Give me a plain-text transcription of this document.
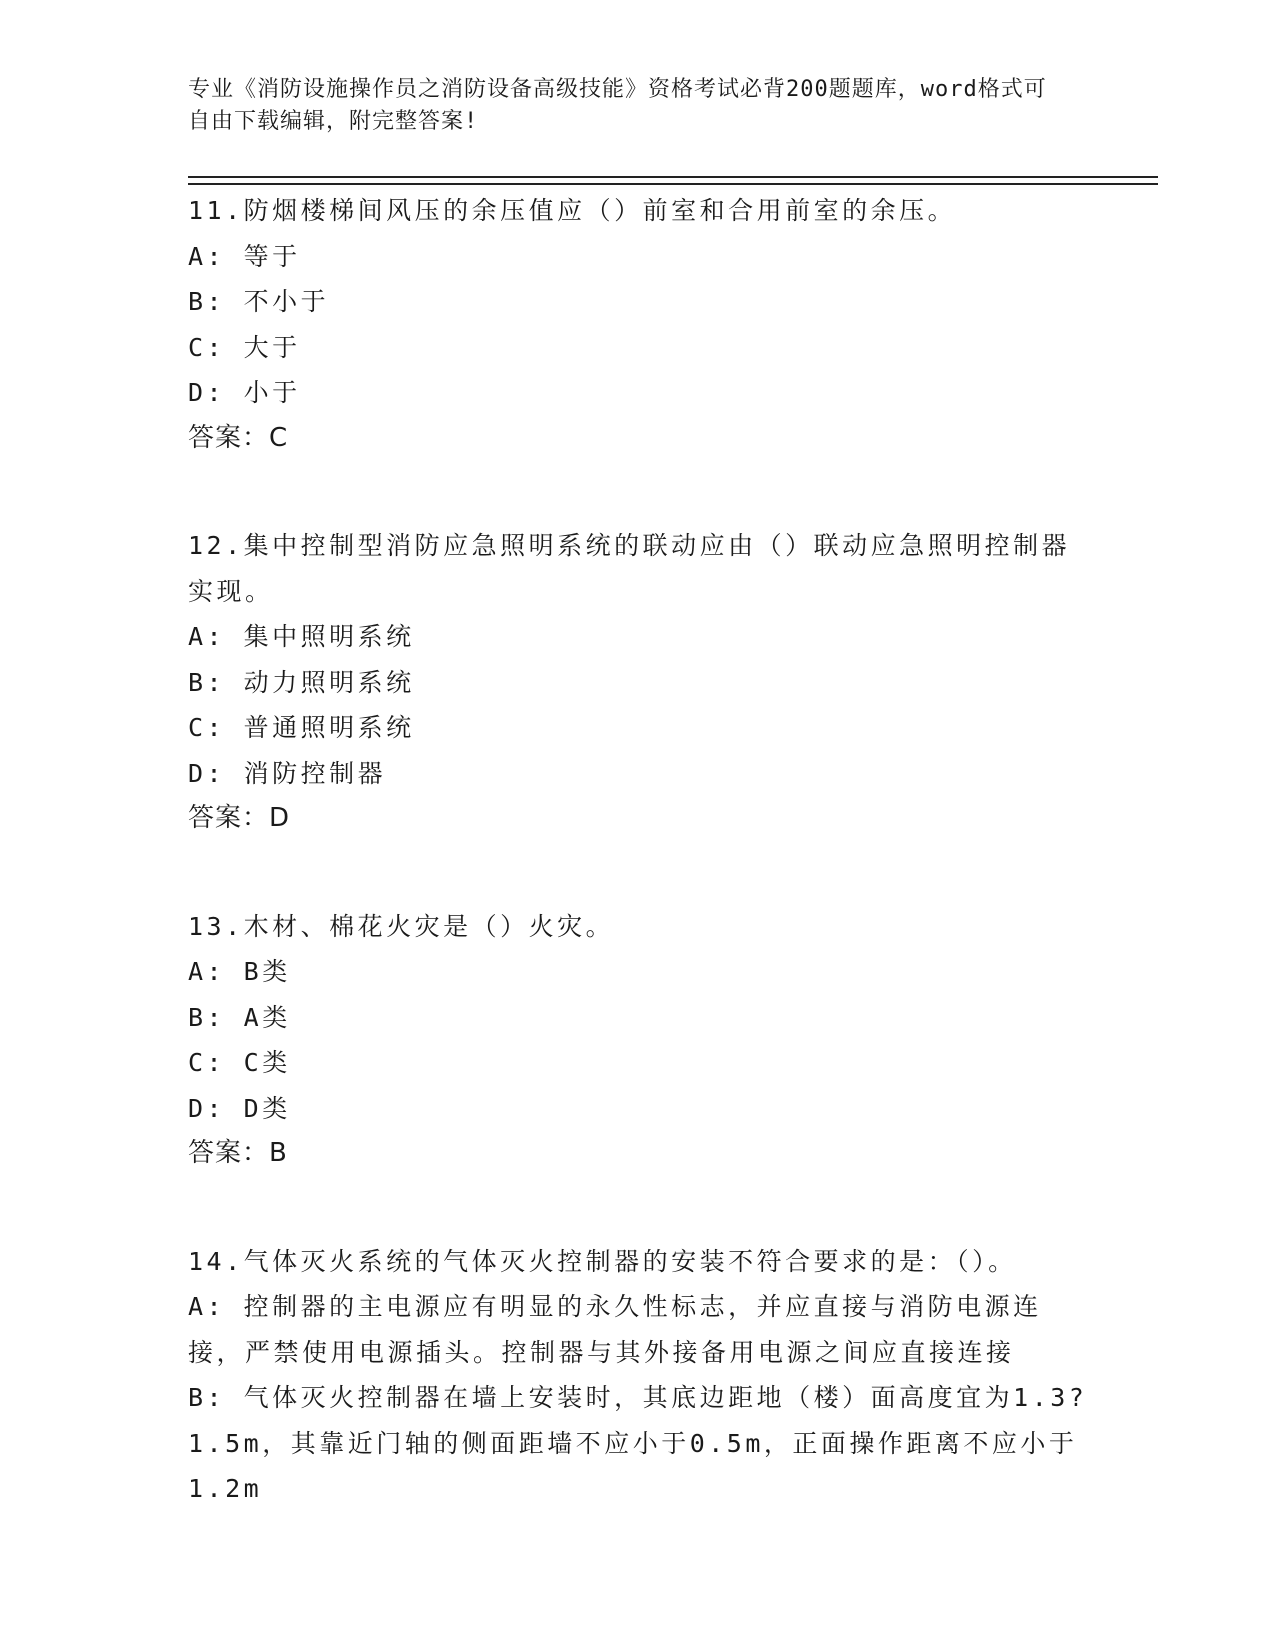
专业《消防设施操作员之消防设备高级技能》资格考试必背200题题库，word格式可自由下载编辑，附完整答案!
11.防烟楼梯间风压的余压值应（）前室和合用前室的余压。
A: 等于
B: 不小于
C: 大于
D: 小于
答案：C
12.集中控制型消防应急照明系统的联动应由（）联动应急照明控制器实现。
A: 集中照明系统
B: 动力照明系统
C: 普通照明系统
D: 消防控制器
答案：D
13.木材、棉花火灾是（）火灾。
A: B类
B: A类
C: C类
D: D类
答案：B
14.气体灭火系统的气体灭火控制器的安装不符合要求的是：（）。
A: 控制器的主电源应有明显的永久性标志，并应直接与消防电源连接，严禁使用电源插头。控制器与其外接备用电源之间应直接连接
B: 气体灭火控制器在墙上安装时，其底边距地（楼）面高度宜为1.3?1.5m，其靠近门轴的侧面距墙不应小于0.5m，正面操作距离不应小于1.2m
